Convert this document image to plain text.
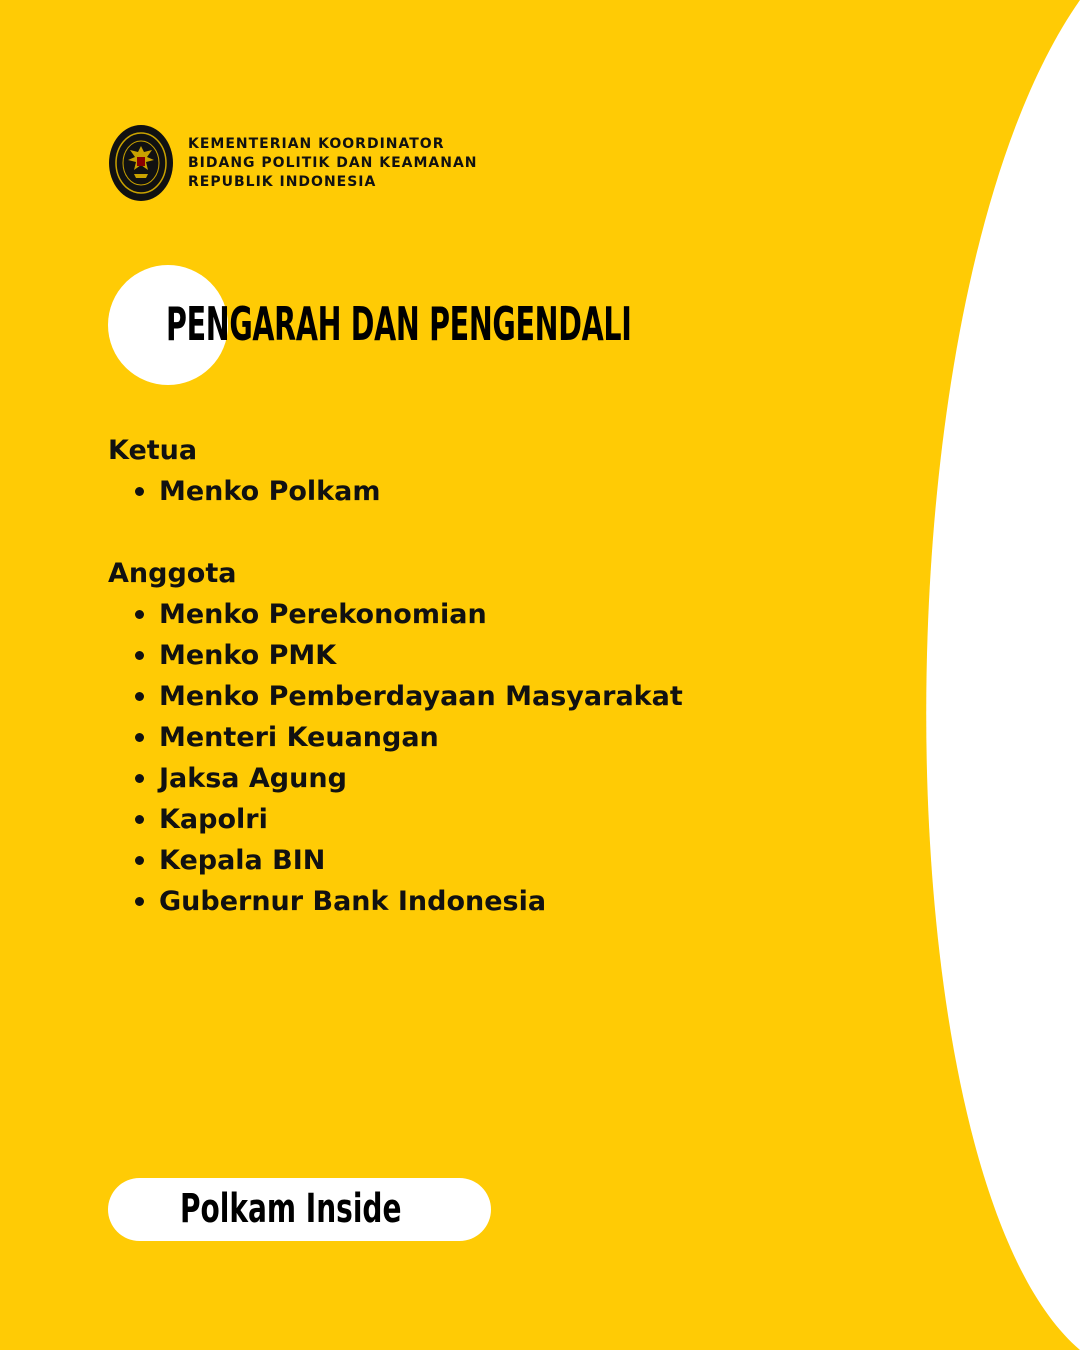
KEMENTERIAN KOORDINATOR
BIDANG POLITIK DAN KEAMANAN
REPUBLIK INDONESIA
PENGARAH DAN PENGENDALI
Ketua
Menko Polkam
Anggota
Menko Perekonomian
Menko PMK
Menko Pemberdayaan Masyarakat
Menteri Keuangan
Jaksa Agung
Kapolri
Kepala BIN
Gubernur Bank Indonesia
Polkam Inside
